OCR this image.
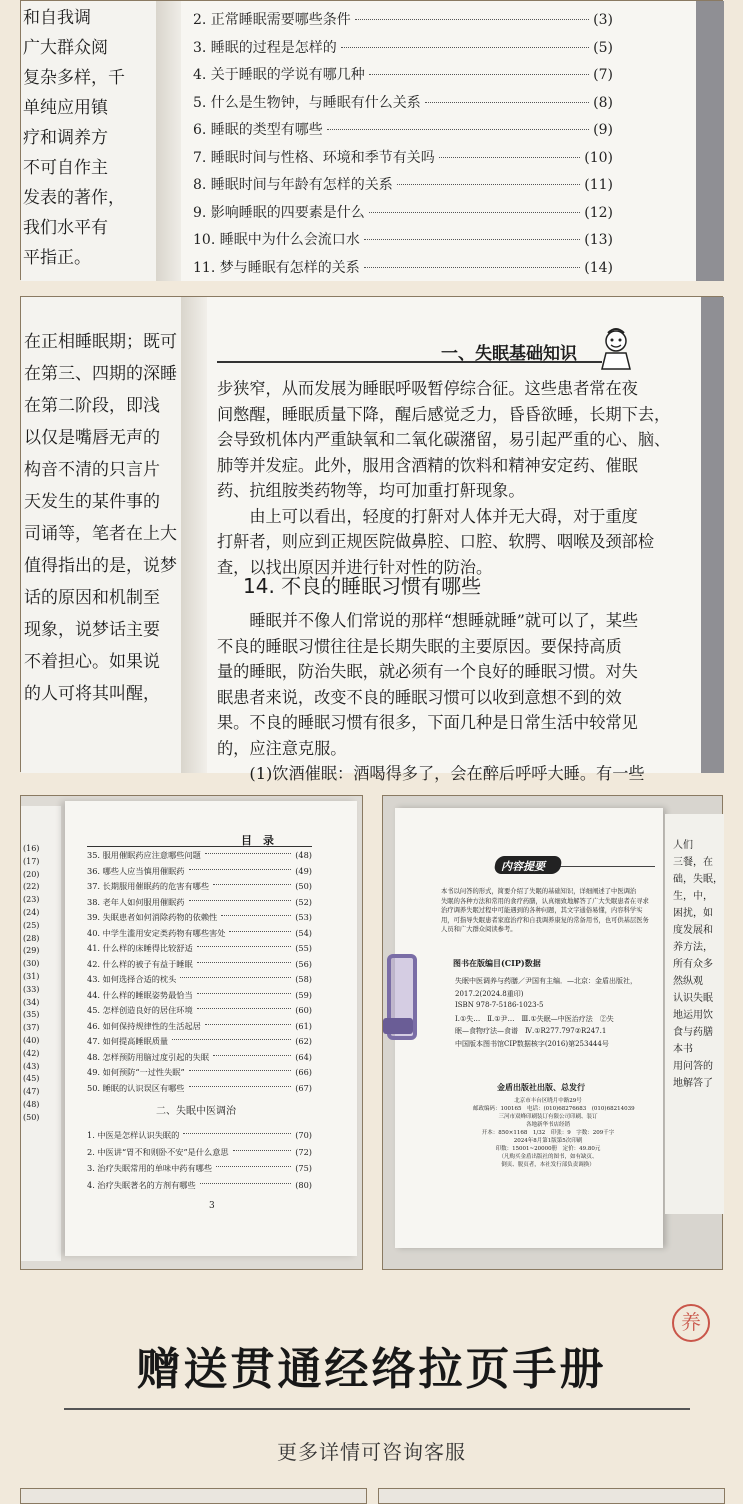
和自我调
广大群众阅
复杂多样，千
单纯应用镇
疗和调养方
不可自作主
发表的著作，
我们水平有
平指正。
2. 正常睡眠需要哪些条件	(3)
3. 睡眠的过程是怎样的	(5)
4. 关于睡眠的学说有哪几种	(7)
5. 什么是生物钟，与睡眠有什么关系	(8)
6. 睡眠的类型有哪些	(9)
7. 睡眠时间与性格、环境和季节有关吗	(10)
8. 睡眠时间与年龄有怎样的关系	(11)
9. 影响睡眠的四要素是什么	(12)
10. 睡眠中为什么会流口水	(13)
11. 梦与睡眠有怎样的关系	(14)
在正相睡眠期；既可
在第三、四期的深睡
在第二阶段，即浅
以仅是嘴唇无声的
构音不清的只言片
天发生的某件事的
司诵等，笔者在上大
值得指出的是，说梦
话的原因和机制至
现象，说梦话主要
不着担心。如果说
的人可将其叫醒，
一、失眠基础知识
步狭窄，从而发展为睡眠呼吸暂停综合征。这些患者常在夜
间憋醒，睡眠质量下降，醒后感觉乏力，昏昏欲睡，长期下去，
会导致机体内严重缺氧和二氧化碳潴留，易引起严重的心、脑、
肺等并发症。此外，服用含酒精的饮料和精神安定药、催眠
药、抗组胺类药物等，均可加重打鼾现象。
　　由上可以看出，轻度的打鼾对人体并无大碍，对于重度
打鼾者，则应到正规医院做鼻腔、口腔、软腭、咽喉及颈部检
查，以找出原因并进行针对性的防治。
14. 不良的睡眠习惯有哪些
　　睡眠并不像人们常说的那样“想睡就睡”就可以了，某些
不良的睡眠习惯往往是长期失眠的主要原因。要保持高质
量的睡眠，防治失眠，就必须有一个良好的睡眠习惯。对失
眠患者来说，改变不良的睡眠习惯可以收到意想不到的效
果。不良的睡眠习惯有很多，下面几种是日常生活中较常见
的，应注意克服。
　　(1)饮酒催眠：酒喝得多了，会在醉后呼呼大睡。有一些
(16)
(17)
(20)
(22)
(23)
(24)
(25)
(28)
(29)
(30)
(31)
(33)
(34)
(35)
(37)
(40)
(42)
(43)
(45)
(47)
(48)
(50)
目　录
35. 服用催眠药应注意哪些问题	(48)
36. 哪些人应当慎用催眠药	(49)
37. 长期服用催眠药的危害有哪些	(50)
38. 老年人如何服用催眠药	(52)
39. 失眠患者如何消除药物的依赖性	(53)
40. 中学生滥用安定类药物有哪些害处	(54)
41. 什么样的床睡得比较舒适	(55)
42. 什么样的被子有益于睡眠	(56)
43. 如何选择合适的枕头	(58)
44. 什么样的睡眠姿势最恰当	(59)
45. 怎样创造良好的居住环境	(60)
46. 如何保持规律性的生活起居	(61)
47. 如何提高睡眠质量	(62)
48. 怎样预防用脑过度引起的失眠	(64)
49. 如何预防“一过性失眠”	(66)
50. 睡眠的认识误区有哪些	(67)
二、失眠中医调治
1. 中医是怎样认识失眠的	(70)
2. 中医讲“胃不和则卧不安”是什么意思	(72)
3. 治疗失眠常用的单味中药有哪些	(75)
4. 治疗失眠著名的方剂有哪些	(80)
3
内容提要
本书以问答的形式，简要介绍了失眠的基础知识，详细阐述了中医调治
失眠的各种方法和常用的食疗药膳，认真细致地解答了广大失眠患者在寻求
治疗调养失眠过程中可能遇到的各种问题，其文字通俗易懂，内容科学实
用，可指导失眠患者家庭治疗和自我调养康复的常备用书，也可供基层医务
人员和广大群众阅读参考。
图书在版编目(CIP)数据
失眠中医调养与药膳／尹国有主编．—北京：金盾出版社，
2017.2(2024.8重印)
ISBN 978-7-5186-1023-5
Ⅰ.①失…　Ⅱ.①尹…　Ⅲ.①失眠—中医治疗法　②失
眠—食物疗法—食谱　Ⅳ.①R277.797②R247.1
中国版本图书馆CIP数据核字(2016)第253444号
金盾出版社出版、总发行
北京市丰台区晓月中路29号
邮政编码：100165　电话：(010)68276683　(010)68214039
三河市双峰印刷装订有限公司印刷、装订
各地新华书店经销
开本：850×1168　1/32　印张：9　字数：209千字
2024年8月第1版第5次印刷
印数：15001~20000册　定价：49.80元
（凡购买金盾出版社的图书，如有缺页、
倒页、脱页者，本社发行部负责调换）
人们
三餐，在
础，失眠，
生，中，
困扰，如
度发展和
养方法，
所有众多
然纵观
认识失眠
地运用饮
食与药膳
本书
用问答的
地解答了
养
赠送贯通经络拉页手册
更多详情可咨询客服
